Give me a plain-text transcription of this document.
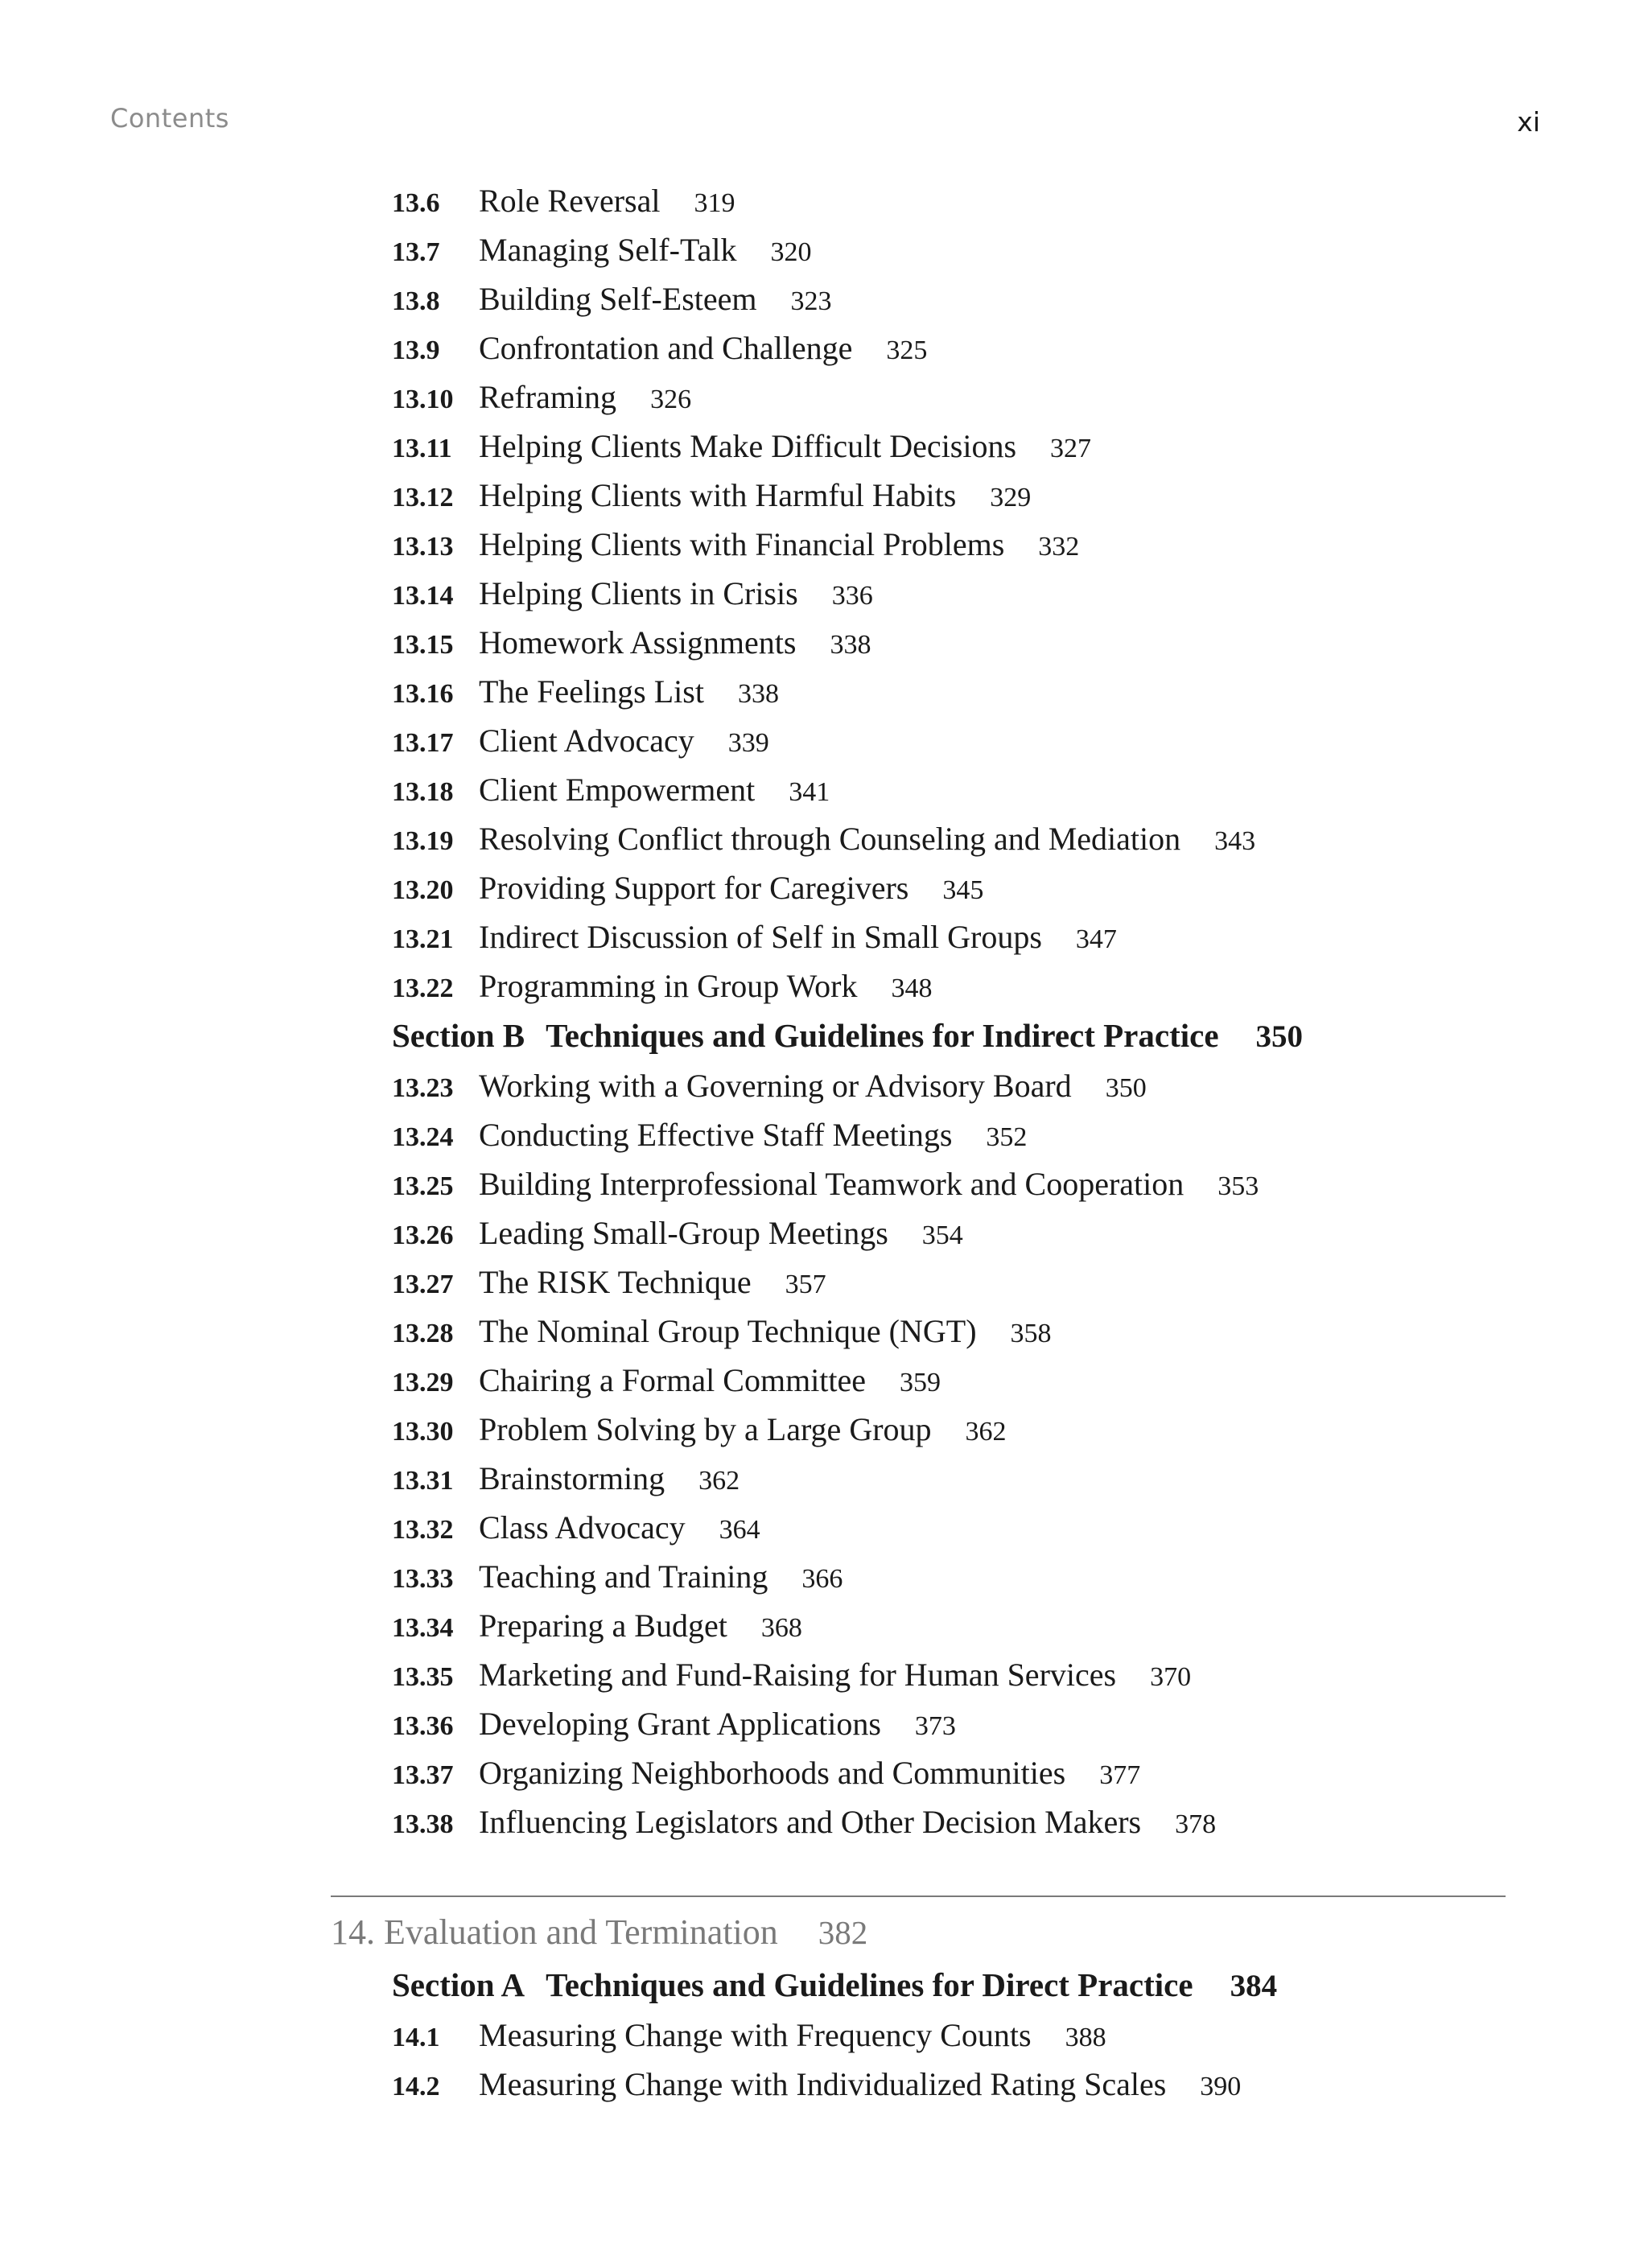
Contents	xi
13.6	Role Reversal 319
13.7	Managing Self-Talk 320
13.8	Building Self-Esteem 323
13.9	Confrontation and Challenge 325
13.10 Reframing 326
13.11 Helping Clients Make Difficult Decisions 327
13.12 Helping Clients with Harmful Habits 329
13.13 Helping Clients with Financial Problems 332
13.14 Helping Clients in Crisis 336
13.15 Homework Assignments 338
13.16 The Feelings List 338
13.17 Client Advocacy 339
13.18 Client Empowerment 341
13.19 Resolving Conflict through Counseling and Mediation 343
13.20 Providing Support for Caregivers 345
13.21 Indirect Discussion of Self in Small Groups 347
13.22 Programming in Group Work 348
Section B Techniques and Guidelines for Indirect Practice 350
13.23 Working with a Governing or Advisory Board 350
13.24 Conducting Effective Staff Meetings 352
13.25 Building Interprofessional Teamwork and Cooperation 353
13.26 Leading Small-Group Meetings 354
13.27 The RISK Technique 357
13.28 The Nominal Group Technique (NGT) 358
13.29 Chairing a Formal Committee 359
13.30 Problem Solving by a Large Group 362
13.31 Brainstorming 362
13.32 Class Advocacy 364
13.33 Teaching and Training 366
13.34 Preparing a Budget 368
13.35 Marketing and Fund-Raising for Human Services 370
13.36 Developing Grant Applications 373
13.37 Organizing Neighborhoods and Communities 377
13.38 Influencing Legislators and Other Decision Makers 378
14. Evaluation and Termination 382
Section A Techniques and Guidelines for Direct Practice 384
14.1	Measuring Change with Frequency Counts 388
14.2	Measuring Change with Individualized Rating Scales 390
